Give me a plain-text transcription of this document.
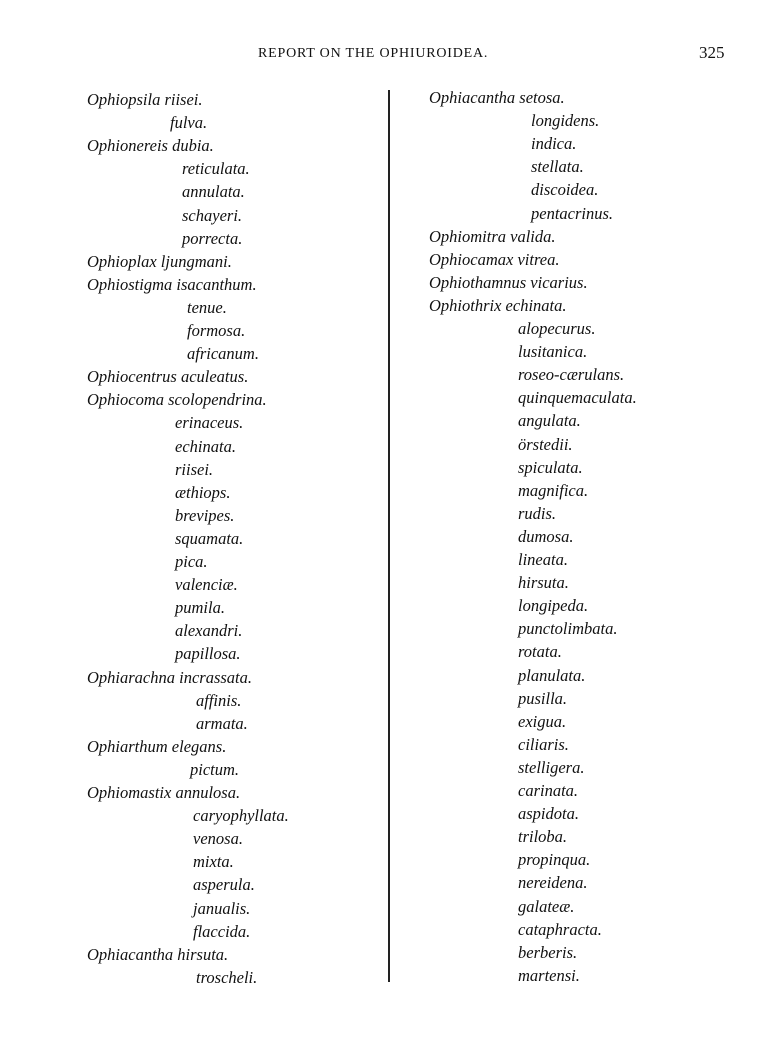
REPORT ON THE OPHIUROIDEA.	325
Ophiopsila riisei.
fulva.
Ophionereis dubia.
reticulata.
annulata.
schayeri.
porrecta.
Ophioplax ljungmani.
Ophiostigma isacanthum.
tenue.
formosa.
africanum.
Ophiocentrus aculeatus.
Ophiocoma scolopendrina.
erinaceus.
echinata.
riisei.
æthiops.
brevipes.
squamata.
pica.
valenciæ.
pumila.
alexandri.
papillosa.
Ophiarachna incrassata.
affinis.
armata.
Ophiarthum elegans.
pictum.
Ophiomastix annulosa.
caryophyllata.
venosa.
mixta.
asperula.
janualis.
flaccida.
Ophiacantha hirsuta.
troscheli.
Ophiacantha setosa.
longidens.
indica.
stellata.
discoidea.
pentacrinus.
Ophiomitra valida.
Ophiocamax vitrea.
Ophiothamnus vicarius.
Ophiothrix echinata.
alopecurus.
lusitanica.
roseo-cærulans.
quinquemaculata.
angulata.
örstedii.
spiculata.
magnifica.
rudis.
dumosa.
lineata.
hirsuta.
longipeda.
punctolimbata.
rotata.
planulata.
pusilla.
exigua.
ciliaris.
stelligera.
carinata.
aspidota.
triloba.
propinqua.
nereidena.
galateæ.
cataphracta.
berberis.
martensi.
